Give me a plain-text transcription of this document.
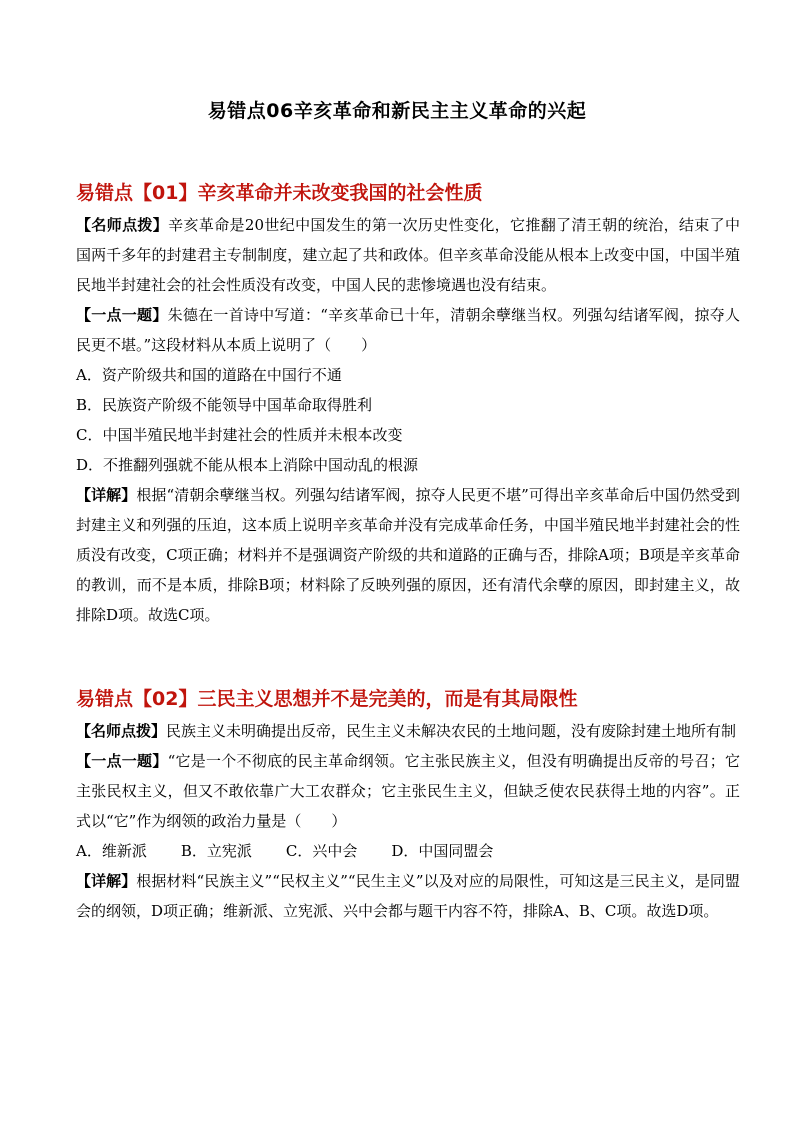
易错点06辛亥革命和新民主主义革命的兴起
易错点【01】辛亥革命并未改变我国的社会性质

【名师点拨】辛亥革命是20世纪中国发生的第一次历史性变化，它推翻了清王朝的统治，结束了中国两千多年的封建君主专制制度，建立起了共和政体。但辛亥革命没能从根本上改变中国，中国半殖民地半封建社会的社会性质没有改变，中国人民的悲惨境遇也没有结束。

【一点一题】朱德在一首诗中写道：“辛亥革命已十年，清朝余孽继当权。列强勾结诸军阀，掠夺人民更不堪。”这段材料从本质上说明了（　　）

A．资产阶级共和国的道路在中国行不通

B．民族资产阶级不能领导中国革命取得胜利

C．中国半殖民地半封建社会的性质并未根本改变

D．不推翻列强就不能从根本上消除中国动乱的根源

【详解】根据“清朝余孽继当权。列强勾结诸军阀，掠夺人民更不堪”可得出辛亥革命后中国仍然受到封建主义和列强的压迫，这本质上说明辛亥革命并没有完成革命任务，中国半殖民地半封建社会的性质没有改变，C项正确；材料并不是强调资产阶级的共和道路的正确与否，排除A项；B项是辛亥革命的教训，而不是本质，排除B项；材料除了反映列强的原因，还有清代余孽的原因，即封建主义，故排除D项。故选C项。

易错点【02】三民主义思想并不是完美的，而是有其局限性

【名师点拨】民族主义未明确提出反帝，民生主义未解决农民的土地问题，没有废除封建土地所有制

【一点一题】“它是一个不彻底的民主革命纲领。它主张民族主义，但没有明确提出反帝的号召；它主张民权主义，但又不敢依靠广大工农群众；它主张民生主义，但缺乏使农民获得土地的内容”。正式以“它”作为纲领的政治力量是（　　）

A．维新派 B．立宪派 C．兴中会 D．中国同盟会

【详解】根据材料“民族主义”“民权主义”“民生主义”以及对应的局限性，可知这是三民主义，是同盟会的纲领，D项正确；维新派、立宪派、兴中会都与题干内容不符，排除A、B、C项。故选D项。
